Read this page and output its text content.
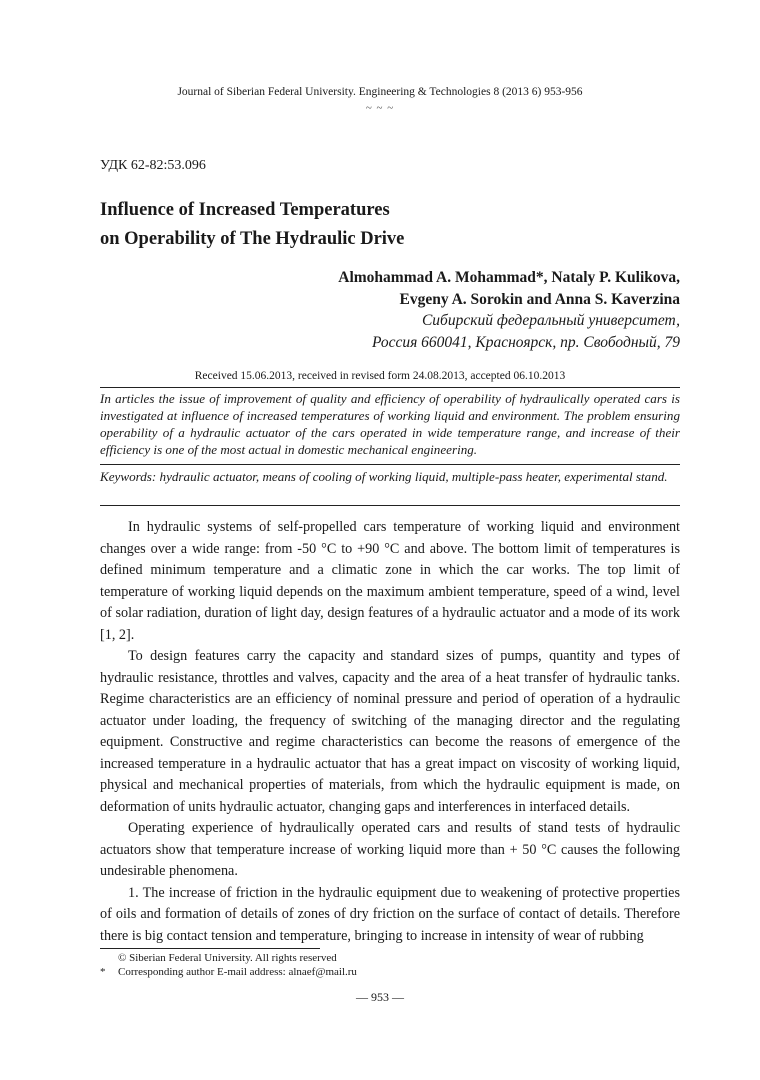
Journal of Siberian Federal University. Engineering & Technologies 8 (2013 6) 953-956
~ ~ ~
УДК 62-82:53.096
Influence of Increased Temperatures
on Operability of The Hydraulic Drive
Almohammad A. Mohammad*, Nataly P. Kulikova,
Evgeny A. Sorokin and Anna S. Kaverzina
Сибирский федеральный университет,
Россия 660041, Красноярск, пр. Свободный, 79
Received 15.06.2013, received in revised form 24.08.2013, accepted 06.10.2013
In articles the issue of improvement of quality and efficiency of operability of hydraulically operated cars is investigated at influence of increased temperatures of working liquid and environment. The problem ensuring operability of a hydraulic actuator of the cars operated in wide temperature range, and increase of their efficiency is one of the most actual in domestic mechanical engineering.
Keywords: hydraulic actuator, means of cooling of working liquid, multiple-pass heater, experimental stand.

In hydraulic systems of self-propelled cars temperature of working liquid and environment changes over a wide range: from -50 °C to +90 °C and above. The bottom limit of temperatures is defined minimum temperature and a climatic zone in which the car works. The top limit of temperature of working liquid depends on the maximum ambient temperature, speed of a wind, level of solar radiation, duration of light day, design features of a hydraulic actuator and a mode of its work [1, 2].

To design features carry the capacity and standard sizes of pumps, quantity and types of hydraulic resistance, throttles and valves, capacity and the area of a heat transfer of hydraulic tanks. Regime characteristics are an efficiency of nominal pressure and period of operation of a hydraulic actuator under loading, the frequency of switching of the managing director and the regulating equipment. Constructive and regime characteristics can become the reasons of emergence of the increased temperature in a hydraulic actuator that has a great impact on viscosity of working liquid, physical and mechanical properties of materials, from which the hydraulic equipment is made, on deformation of units hydraulic actuator, changing gaps and interferences in interfaced details.

Operating experience of hydraulically operated cars and results of stand tests of hydraulic actuators show that temperature increase of working liquid more than + 50 °C causes the following undesirable phenomena.

1. The increase of friction in the hydraulic equipment due to weakening of protective properties of oils and formation of details of zones of dry friction on the surface of contact of details. Therefore there is big contact tension and temperature, bringing to increase in intensity of wear of rubbing

© Siberian Federal University. All rights reserved
* Corresponding author E-mail address: alnaef@mail.ru
— 953 —
